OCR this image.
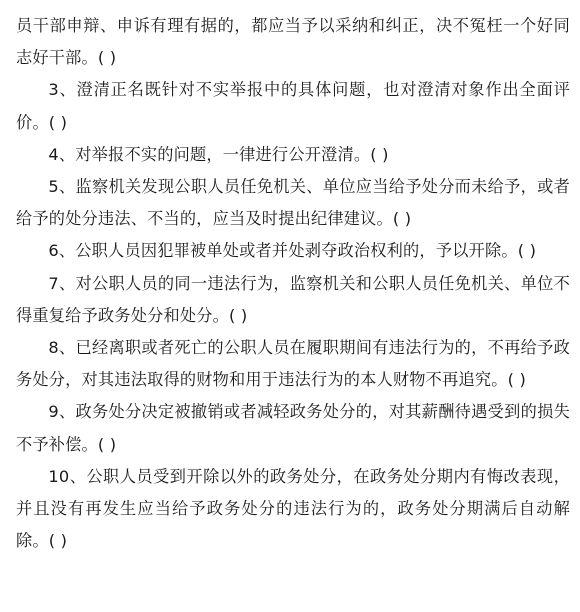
员干部申辩、申诉有理有据的，都应当予以采纳和纠正，决不冤枉一个好同志好干部。( )

3、澄清正名既针对不实举报中的具体问题，也对澄清对象作出全面评价。( )

4、对举报不实的问题，一律进行公开澄清。( )

5、监察机关发现公职人员任免机关、单位应当给予处分而未给予，或者给予的处分违法、不当的，应当及时提出纪律建议。( )

6、公职人员因犯罪被单处或者并处剥夺政治权利的，予以开除。( )

7、对公职人员的同一违法行为，监察机关和公职人员任免机关、单位不得重复给予政务处分和处分。( )

8、已经离职或者死亡的公职人员在履职期间有违法行为的，不再给予政务处分，对其违法取得的财物和用于违法行为的本人财物不再追究。( )

9、政务处分决定被撤销或者减轻政务处分的，对其薪酬待遇受到的损失不予补偿。( )

10、公职人员受到开除以外的政务处分，在政务处分期内有悔改表现，并且没有再发生应当给予政务处分的违法行为的，政务处分期满后自动解除。( )
